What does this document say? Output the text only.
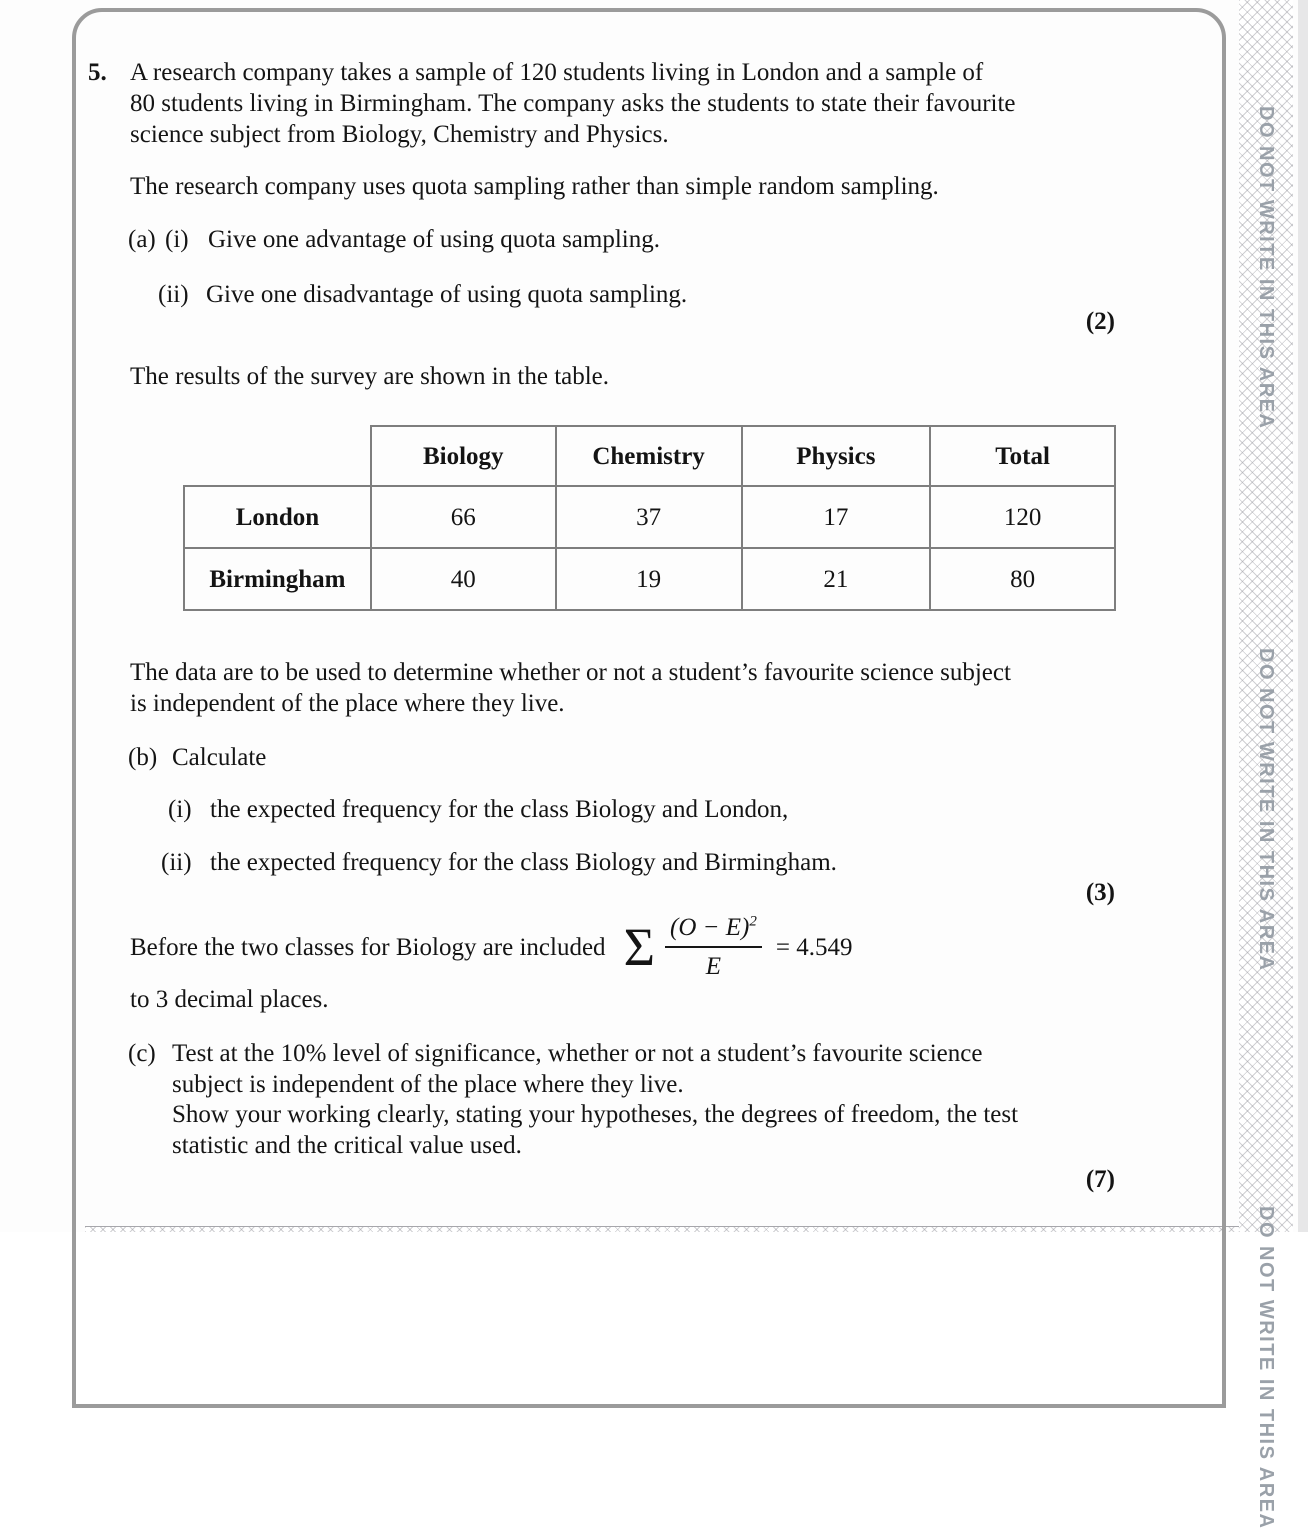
DO NOT WRITE IN THIS AREA
DO NOT WRITE IN THIS AREA
DO NOT WRITE IN THIS AREA
5. A research company takes a sample of 120 students living in London and a sample of
80 students living in Birmingham. The company asks the students to state their favourite
science subject from Biology, Chemistry and Physics.
The research company uses quota sampling rather than simple random sampling.
(a) (i) Give one advantage of using quota sampling.
(ii) Give one disadvantage of using quota sampling.
(2)
The results of the survey are shown in the table.
	Biology	Chemistry	Physics	Total
London	66	37	17	120
Birmingham	40	19	21	80
The data are to be used to determine whether or not a student’s favourite science subject
is independent of the place where they live.
(b) Calculate
(i) the expected frequency for the class Biology and London,
(ii) the expected frequency for the class Biology and Birmingham.
(3)
Before the two classes for Biology are included Σ $\frac{(O - E)^2}{E} = 4.549$
to 3 decimal places.
(c) Test at the 10% level of significance, whether or not a student’s favourite science
subject is independent of the place where they live.
Show your working clearly, stating your hypotheses, the degrees of freedom, the test
statistic and the critical value used.
(7)
